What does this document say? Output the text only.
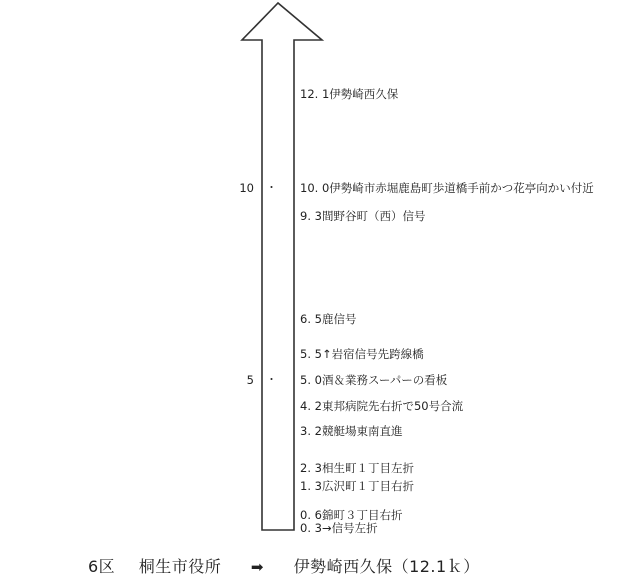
10 ・
5 ・
12. 1伊勢崎西久保
10. 0伊勢崎市赤堀鹿島町歩道橋手前かつ花亭向かい付近
9. 3間野谷町（西）信号
6. 5鹿信号
5. 5↑岩宿信号先跨線橋
5. 0酒＆業務スーパーの看板
4. 2東邦病院先右折で50号合流
3. 2競艇場東南直進
2. 3相生町１丁目左折
1. 3広沢町１丁目右折
0. 6錦町３丁目右折
0. 3→信号左折
6区 桐生市役所 ➡ 伊勢崎西久保（12.1ｋ）
